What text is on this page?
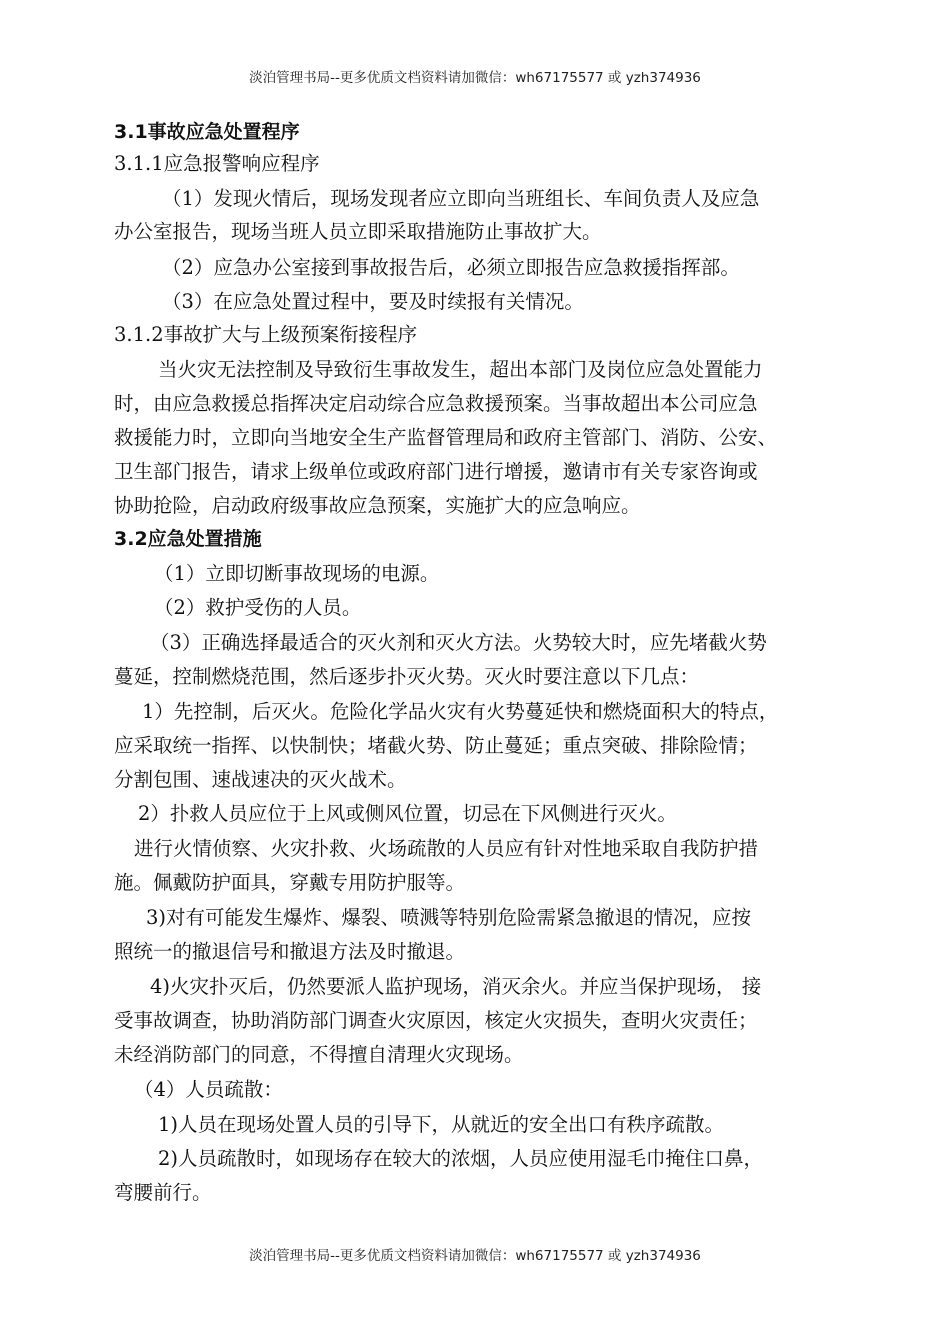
淡泊管理书局--更多优质文档资料请加微信：wh67175577 或 yzh374936
3.1事故应急处置程序
3.1.1应急报警响应程序
（1）发现火情后，现场发现者应立即向当班组长、车间负责人及应急
办公室报告，现场当班人员立即采取措施防止事故扩大。
（2）应急办公室接到事故报告后，必须立即报告应急救援指挥部。
（3）在应急处置过程中，要及时续报有关情况。
3.1.2事故扩大与上级预案衔接程序
当火灾无法控制及导致衍生事故发生，超出本部门及岗位应急处置能力
时，由应急救援总指挥决定启动综合应急救援预案。当事故超出本公司应急
救援能力时，立即向当地安全生产监督管理局和政府主管部门、消防、公安、
卫生部门报告，请求上级单位或政府部门进行增援，邀请市有关专家咨询或
协助抢险，启动政府级事故应急预案，实施扩大的应急响应。
3.2应急处置措施
（1）立即切断事故现场的电源。
（2）救护受伤的人员。
（3）正确选择最适合的灭火剂和灭火方法。火势较大时，应先堵截火势
蔓延，控制燃烧范围，然后逐步扑灭火势。灭火时要注意以下几点：
1）先控制，后灭火。危险化学品火灾有火势蔓延快和燃烧面积大的特点，
应采取统一指挥、以快制快；堵截火势、防止蔓延；重点突破、排除险情；
分割包围、速战速决的灭火战术。
2）扑救人员应位于上风或侧风位置，切忌在下风侧进行灭火。
进行火情侦察、火灾扑救、火场疏散的人员应有针对性地采取自我防护措
施。佩戴防护面具，穿戴专用防护服等。
3)对有可能发生爆炸、爆裂、喷溅等特别危险需紧急撤退的情况，应按
照统一的撤退信号和撤退方法及时撤退。
4)火灾扑灭后，仍然要派人监护现场，消灭余火。并应当保护现场， 接
受事故调查，协助消防部门调查火灾原因，核定火灾损失，查明火灾责任；
未经消防部门的同意，不得擅自清理火灾现场。
（4）人员疏散：
1)人员在现场处置人员的引导下，从就近的安全出口有秩序疏散。
2)人员疏散时，如现场存在较大的浓烟，人员应使用湿毛巾掩住口鼻，
弯腰前行。
淡泊管理书局--更多优质文档资料请加微信：wh67175577 或 yzh374936
